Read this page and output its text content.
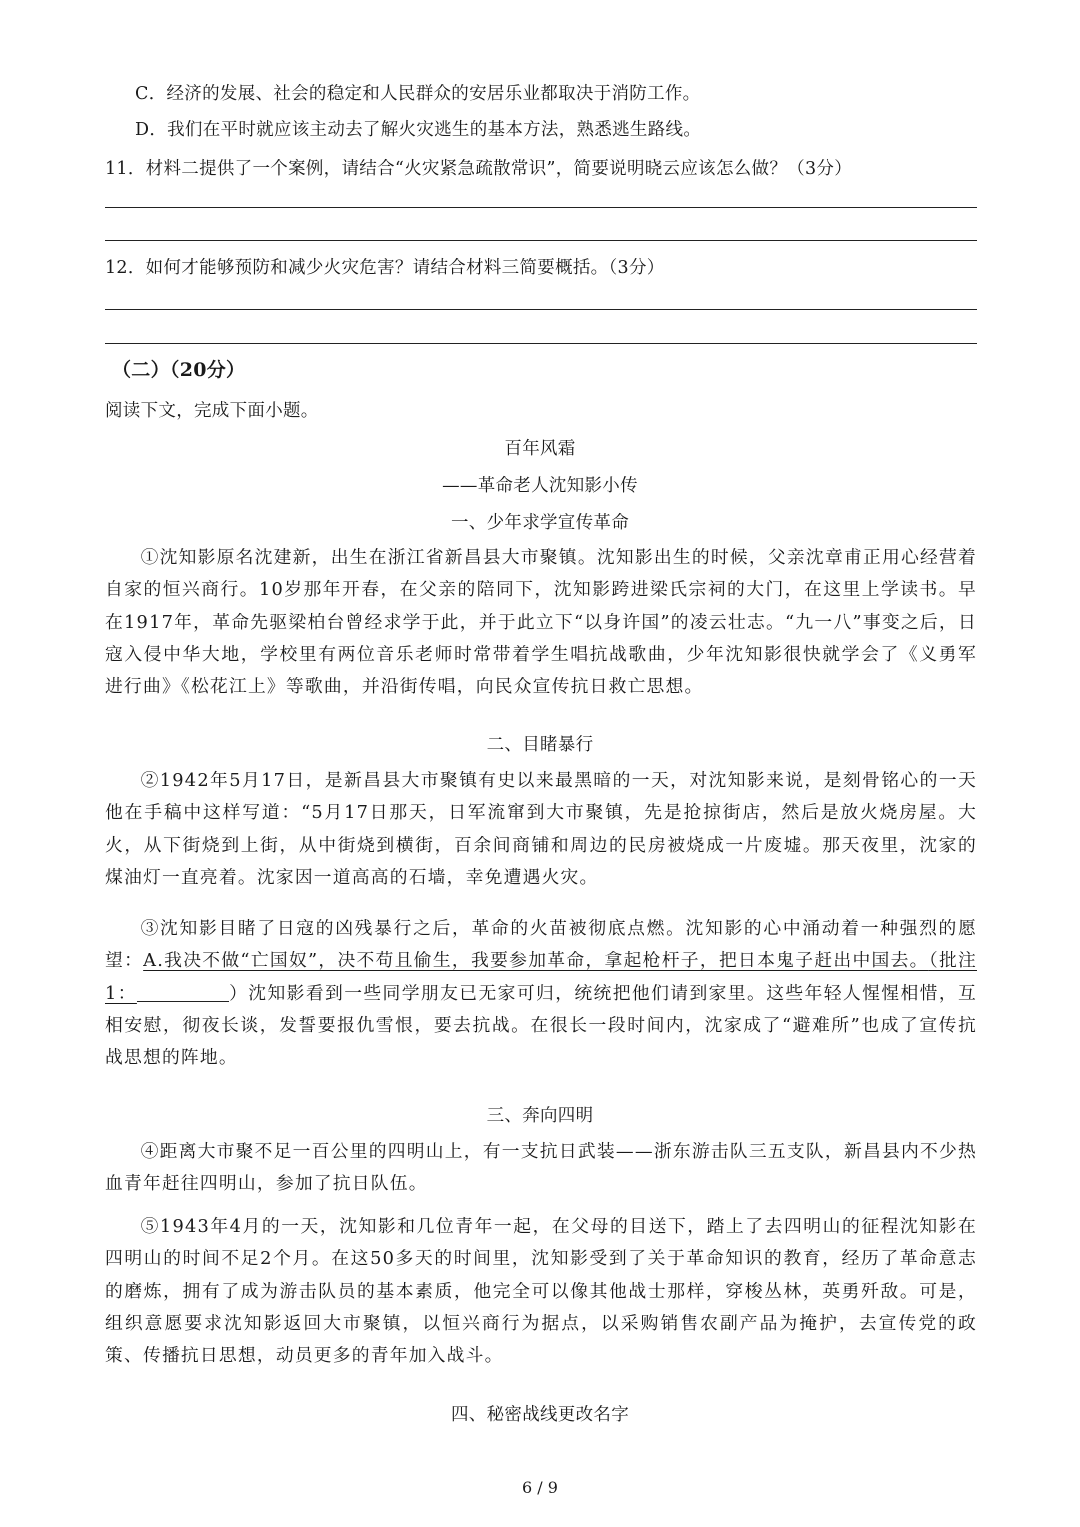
C．经济的发展、社会的稳定和人民群众的安居乐业都取决于消防工作。
D．我们在平时就应该主动去了解火灾逃生的基本方法，熟悉逃生路线。
11．材料二提供了一个案例，请结合“火灾紧急疏散常识”，简要说明晓云应该怎么做？（3分）
12．如何才能够预防和减少火灾危害？请结合材料三简要概括。（3分）
（二）（20分）
阅读下文，完成下面小题。
百年风霜
——革命老人沈知影小传
一、少年求学宣传革命

①沈知影原名沈建新，出生在浙江省新昌县大市聚镇。沈知影出生的时候，父亲沈章甫正用心经营着自家的恒兴商行。10岁那年开春，在父亲的陪同下，沈知影跨进梁氏宗祠的大门，在这里上学读书。早在1917年，革命先驱梁柏台曾经求学于此，并于此立下“以身许国”的凌云壮志。“九一八”事变之后，日寇入侵中华大地，学校里有两位音乐老师时常带着学生唱抗战歌曲，少年沈知影很快就学会了《义勇军进行曲》《松花江上》等歌曲，并沿街传唱，向民众宣传抗日救亡思想。

二、目睹暴行

②1942年5月17日，是新昌县大市聚镇有史以来最黑暗的一天，对沈知影来说，是刻骨铭心的一天他在手稿中这样写道：“5月17日那天，日军流窜到大市聚镇，先是抢掠街店，然后是放火烧房屋。大火，从下街烧到上街，从中街烧到横街，百余间商铺和周边的民房被烧成一片废墟。那天夜里，沈家的煤油灯一直亮着。沈家因一道高高的石墙，幸免遭遇火灾。

③沈知影目睹了日寇的凶残暴行之后，革命的火苗被彻底点燃。沈知影的心中涌动着一种强烈的愿望：A.我决不做“亡国奴”，决不苟且偷生，我要参加革命，拿起枪杆子，把日本鬼子赶出中国去。（批注1：	）沈知影看到一些同学朋友已无家可归，统统把他们请到家里。这些年轻人惺惺相惜，互相安慰，彻夜长谈，发誓要报仇雪恨，要去抗战。在很长一段时间内，沈家成了“避难所”也成了宣传抗战思想的阵地。

三、奔向四明

④距离大市聚不足一百公里的四明山上，有一支抗日武装——浙东游击队三五支队，新昌县内不少热血青年赶往四明山，参加了抗日队伍。

⑤1943年4月的一天，沈知影和几位青年一起，在父母的目送下，踏上了去四明山的征程沈知影在四明山的时间不足2个月。在这50多天的时间里，沈知影受到了关于革命知识的教育，经历了革命意志的磨炼，拥有了成为游击队员的基本素质，他完全可以像其他战士那样，穿梭丛林，英勇歼敌。可是，组织意愿要求沈知影返回大市聚镇，以恒兴商行为据点，以采购销售农副产品为掩护，去宣传党的政策、传播抗日思想，动员更多的青年加入战斗。

四、秘密战线更改名字
6 / 9
